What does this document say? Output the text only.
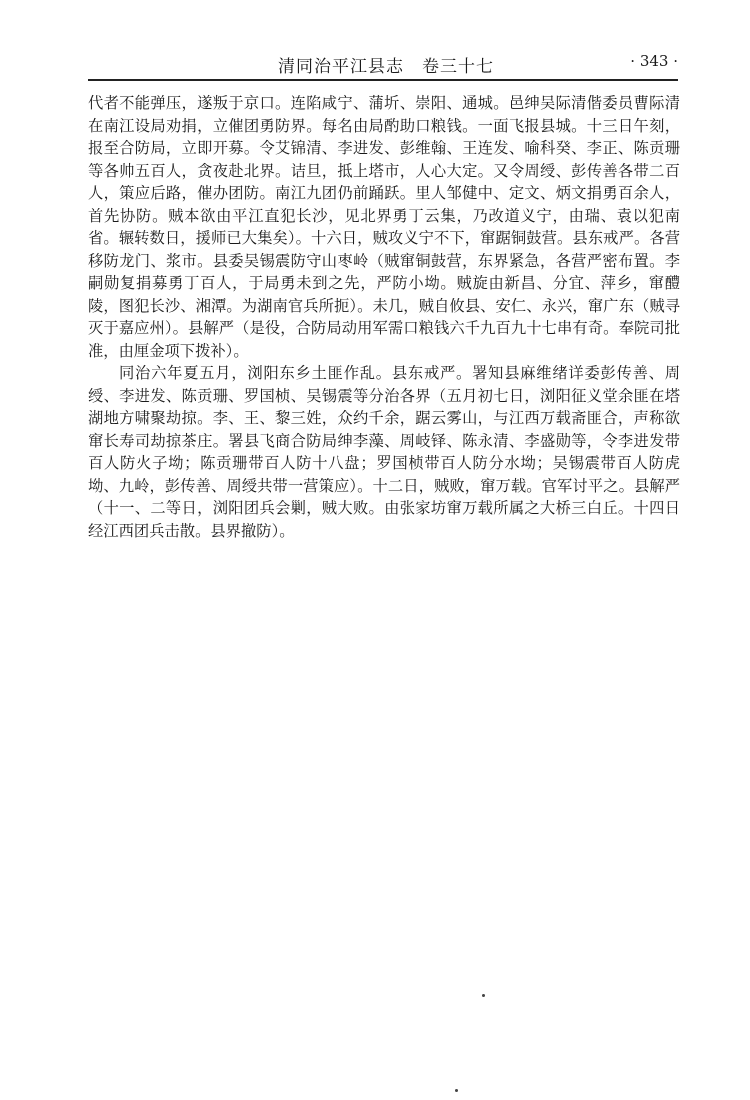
清同治平江县志　卷三十七	· 343 ·

代者不能弹压，遂叛于京口。连陷咸宁、蒲圻、崇阳、通城。邑绅吴际清偕委员曹际清在南江设局劝捐，立催团勇防界。每名由局酌助口粮钱。一面飞报县城。十三日午刻，报至合防局，立即开募。令艾锦清、李进发、彭维翰、王连发、喻科癸、李正、陈贡珊等各帅五百人，贪夜赴北界。诘旦，抵上塔市，人心大定。又令周绶、彭传善各带二百人，策应后路，催办团防。南江九团仍前踊跃。里人邹健中、定文、炳文捐勇百余人，首先协防。贼本欲由平江直犯长沙，见北界勇丁云集，乃改道义宁，由瑞、袁以犯南省。辗转数日，援师已大集矣）。十六日，贼攻义宁不下，窜踞铜鼓营。县东戒严。各营移防龙门、浆市。县委吴锡震防守山枣岭（贼窜铜鼓营，东界紧急，各营严密布置。李嗣勋复捐募勇丁百人，于局勇未到之先，严防小坳。贼旋由新昌、分宜、萍乡，窜醴陵，图犯长沙、湘潭。为湖南官兵所扼）。未几，贼自攸县、安仁、永兴，窜广东（贼寻灭于嘉应州）。县解严（是役，合防局动用军需口粮钱六千九百九十七串有奇。奉院司批准，由厘金项下拨补）。

同治六年夏五月，浏阳东乡土匪作乱。县东戒严。署知县麻维绪详委彭传善、周绶、李进发、陈贡珊、罗国桢、吴锡震等分治各界（五月初七日，浏阳征义堂余匪在塔湖地方啸聚劫掠。李、王、黎三姓，众约千余，踞云雾山，与江西万载斋匪合，声称欲窜长寿司劫掠茶庄。署县飞商合防局绅李藻、周岐铎、陈永清、李盛勋等，令李进发带百人防火子坳；陈贡珊带百人防十八盘；罗国桢带百人防分水坳；吴锡震带百人防虎坳、九岭，彭传善、周绶共带一营策应）。十二日，贼败，窜万载。官军讨平之。县解严（十一、二等日，浏阳团兵会剿，贼大败。由张家坊窜万载所属之大桥三白丘。十四日经江西团兵击散。县界撤防）。
